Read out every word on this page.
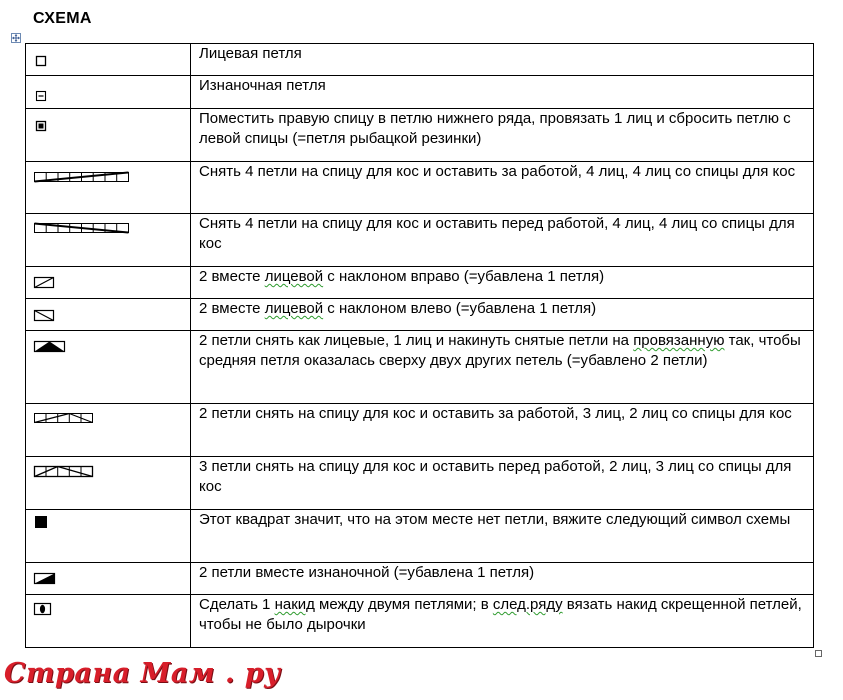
СХЕМА
	Лицевая петля

	Изнаночная петля

	Поместить правую спицу в петлю нижнего ряда, провязать 1 лиц и сбросить петлю с левой спицы (=петля рыбацкой резинки)

	Снять 4 петли на спицу для кос и оставить за работой, 4 лиц, 4 лиц со спицы для кос

	Снять 4 петли на спицу для кос и оставить перед работой, 4 лиц, 4 лиц со спицы для кос

	2 вместе лицевой с наклоном вправо (=убавлена 1 петля)

	2 вместе лицевой с наклоном влево (=убавлена 1 петля)

	2 петли снять как лицевые, 1 лиц и накинуть снятые петли на провязанную так, чтобы средняя петля оказалась сверху двух других петель (=убавлено 2 петли)

	2 петли снять на спицу для кос и оставить за работой, 3 лиц, 2 лиц со спицы для кос

	3 петли снять на спицу для кос и оставить перед работой, 2 лиц, 3 лиц со спицы для кос

	Этот квадрат значит, что на этом месте нет петли, вяжите следующий символ схемы

	2 петли вместе изнаночной (=убавлена 1 петля)

	Сделать 1 накид между двумя петлями; в след.ряду вязать накид скрещенной петлей, чтобы не было дырочки
Страна Мам . ру
